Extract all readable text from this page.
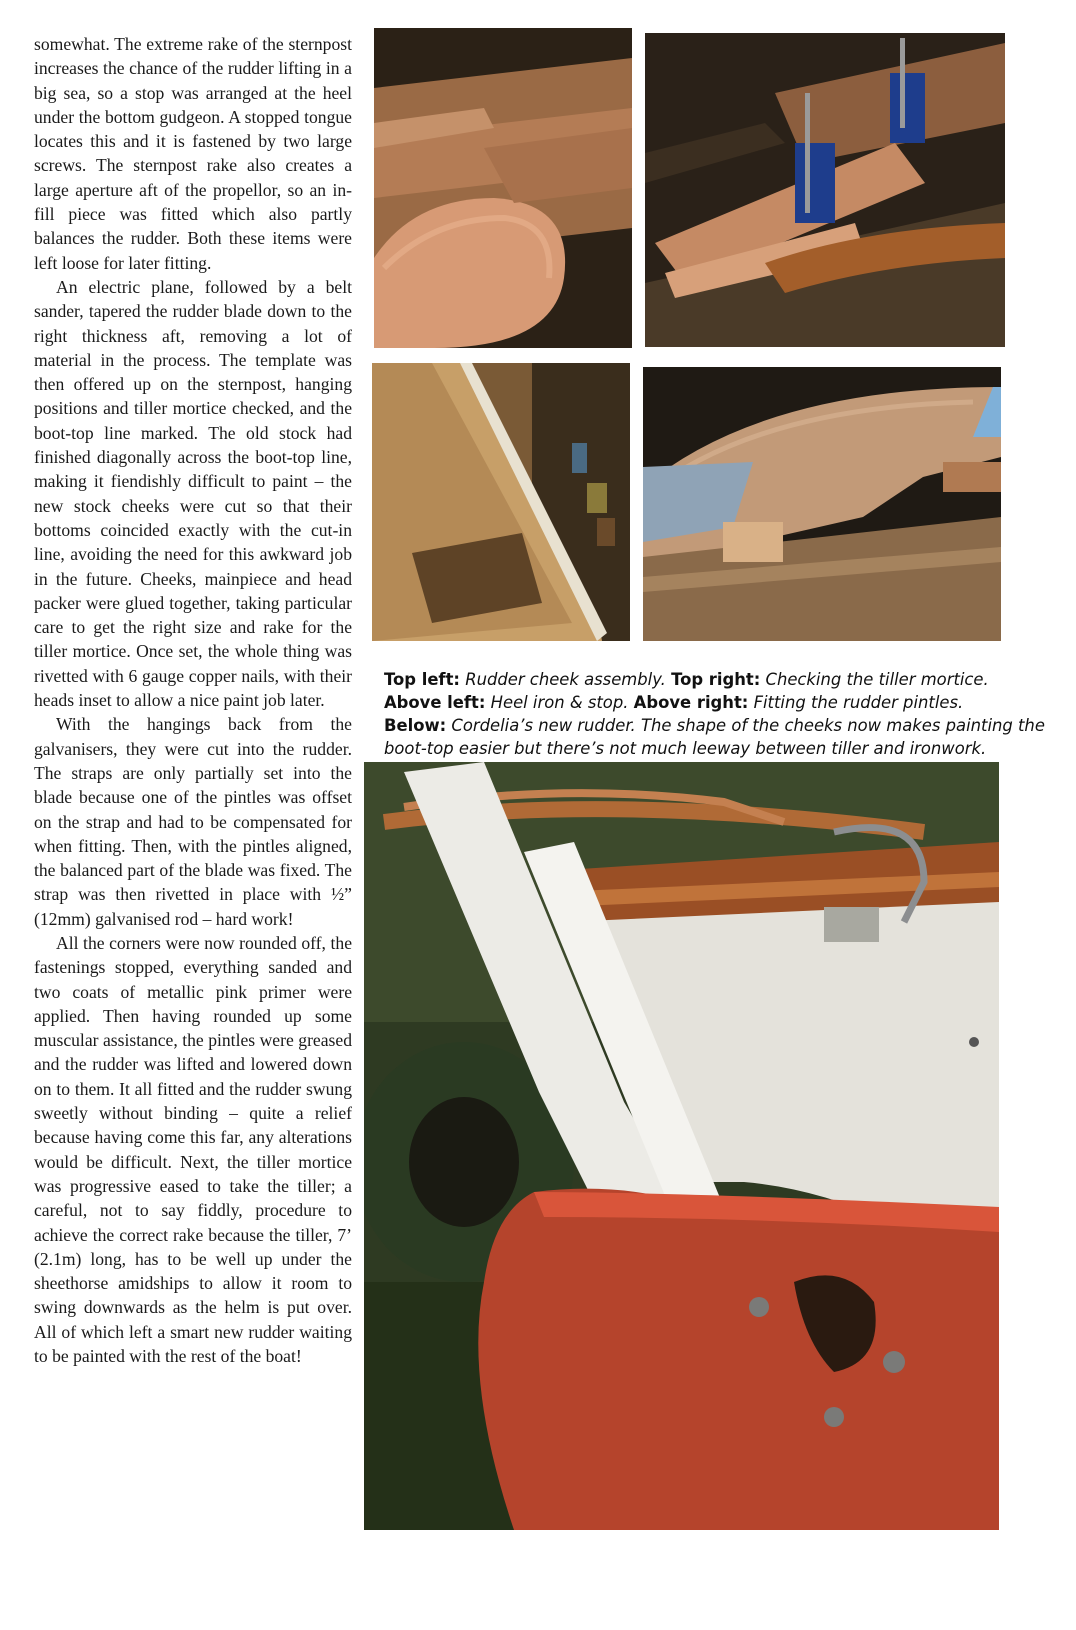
somewhat. The extreme rake of the sternpost increases the chance of the rudder lifting in a big sea, so a stop was arranged at the heel under the bottom gudgeon. A stopped tongue locates this and it is fastened by two large screws. The sternpost rake also creates a large aperture aft of the propellor, so an in-fill piece was fitted which also partly balances the rudder. Both these items were left loose for later fitting.

An electric plane, followed by a belt sander, tapered the rudder blade down to the right thickness aft, removing a lot of material in the process. The template was then offered up on the sternpost, hanging positions and tiller mortice checked, and the boot-top line marked. The old stock had finished diagonally across the boot-top line, making it fiendishly difficult to paint – the new stock cheeks were cut so that their bottoms coincided exactly with the cut-in line, avoiding the need for this awkward job in the future. Cheeks, mainpiece and head packer were glued together, taking particular care to get the right size and rake for the tiller mortice. Once set, the whole thing was rivetted with 6 gauge copper nails, with their heads inset to allow a nice paint job later.

With the hangings back from the galvanisers, they were cut into the rudder. The straps are only partially set into the blade because one of the pintles was offset on the strap and had to be compensated for when fitting. Then, with the pintles aligned, the balanced part of the blade was fixed. The strap was then rivetted in place with ½” (12mm) galvanised rod – hard work!

All the corners were now rounded off, the fastenings stopped, everything sanded and two coats of metallic pink primer were applied. Then having rounded up some muscular assistance, the pintles were greased and the rudder was lifted and lowered down on to them. It all fitted and the rudder swung sweetly without binding – quite a relief because having come this far, any alterations would be difficult. Next, the tiller mortice was progressive eased to take the tiller; a careful, not to say fiddly, procedure to achieve the correct rake because the tiller, 7’ (2.1m) long, has to be well up under the sheethorse amidships to allow it room to swing downwards as the helm is put over. All of which left a smart new rudder waiting to be painted with the rest of the boat!

Top left: Rudder cheek assembly. Top right: Checking the tiller mortice.

Above left: Heel iron & stop. Above right: Fitting the rudder pintles.

Below: Cordelia’s new rudder. The shape of the cheeks now makes painting the boot-top easier but there’s not much leeway between tiller and ironwork.
